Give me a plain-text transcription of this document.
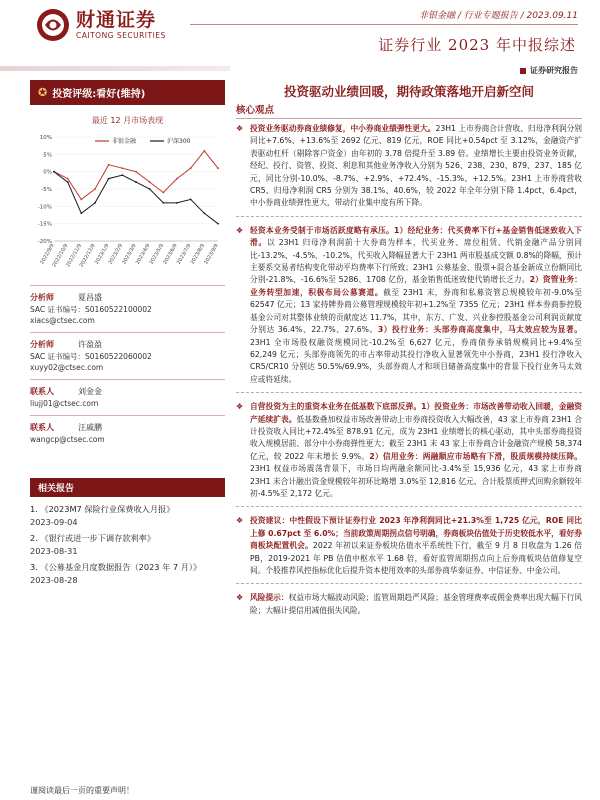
财通证券
CAITONG SECURITIES
非银金融 / 行业专题报告 / 2023.09.11
证券行业 2023 年中报综述
证券研究报告
✪ 投资评级:看好(维持)
最近 12 月市场表现
10%
5%
0%
-5%
-10%
-15%
-20%
2022/9/9
2022/10/9
2022/11/9
2022/12/9
2023/1/9
2023/2/9
2023/3/9
2023/4/9
2023/5/9
2023/6/9
2023/7/9
2023/8/9
2023/9/9
非银金融	沪深300
分析师	夏昌盛
SAC 证书编号：S0160522100002
xiacs@ctsec.com
分析师	许盈盈
SAC 证书编号：S0160522060002
xuyy02@ctsec.com
联系人	刘金金
liujj01@ctsec.com
联系人	汪戚鹏
wangcp@ctsec.com
相关报告
1. 《2023M7 保险行业保费收入月报》
2023-09-04
2. 《银行或进一步下调存款利率》
2023-08-31
3. 《公募基金月度数据报告（2023 年 7 月）》
2023-08-28
投资驱动业绩回暖，期待政策落地开启新空间
核心观点
❖ 投资业务驱动券商业绩修复，中小券商业绩弹性更大。23H1 上市券商合计营收、归母净利润分别同比+7.6%、+13.6%至 2692 亿元、819 亿元，ROE 同比+0.54pct 至 3.12%，金融资产扩表驱动杠杆（剔除客户资金）由年初的 3.78 倍提升至 3.89 倍。业绩增长主要由投资业务贡献，经纪、投行、资管、投资、利息和其他业务净收入分别为 526、238、230、879、237、185 亿元，同比分别-10.0%、-8.7%、+2.9%、+72.4%、-15.3%、+12.5%。23H1 上市券商营收 CR5、归母净利润 CR5 分别为 38.1%、40.6%，较 2022 年全年分别下降 1.4pct、6.4pct，中小券商业绩弹性更大，带动行业集中度有所下降。
❖ 轻资本业务受制于市场活跃度略有承压。1）经纪业务：代买费率下行+基金销售低迷致收入下滑。以 23H1 归母净利润前十大券商为样本，代买业务、席位租赁、代销金融产品分别同比-13.2%、-4.5%、-10.2%，代买收入降幅显著大于 23H1 两市股基成交额 0.8%的降幅，预计主要系交易者结构变化带动平均费率下行所致；23H1 公募基金、股票+混合基金新成立份额同比分别-21.8%、-16.6%至 5286、1708 亿份，基金销售低迷致使代销增长乏力。2）资管业务：业务转型加速，积极布局公募赛道。截至 23H1 末，券商和私募资管总规模较年初-9.0%至 62547 亿元；13 家持牌券商公募管理规模较年初+1.2%至 7355 亿元；23H1 样本券商参控股基金公司对其整体业绩的贡献度达 11.7%，其中，东方、广发、兴业参控股基金公司利润贡献度分别达 36.4%、22.7%、27.6%。3）投行业务：头部券商高度集中，马太效应较为显著。23H1 全市场股权融资规模同比-10.2%至 6,627 亿元，券商债券承销规模同比+9.4%至 62,249 亿元；头部券商领先的市占率带动其投行净收入显著领先中小券商，23H1 投行净收入 CR5/CR10 分别达 50.5%/69.9%，头部券商人才和项目储备高度集中的背景下投行业务马太效应或将延续。
❖ 自营投资为主的重资本业务在低基数下底部反弹。1）投资业务：市场改善带动收入回暖，金融资产延续扩表。低基数叠加权益市场改善带动上市券商投资收入大幅改善，43 家上市券商 23H1 合计投资收入同比+72.4%至 878.91 亿元，成为 23H1 业绩增长的核心驱动，其中头部券商投资收入规模居前、部分中小券商弹性更大；截至 23H1 末 43 家上市券商合计金融资产规模 58,374 亿元，较 2022 年末增长 9.9%。2）信用业务：两融顺应市场略有下滑，股质规模持续压降。23H1 权益市场震荡背景下，市场日均两融余额同比-3.4%至 15,936 亿元，43 家上市券商 23H1 末合计融出资金规模较年初环比略增 3.0%至 12,816 亿元、合计股票质押式回购余额较年初-4.5%至 2,172 亿元。
❖ 投资建议：中性假设下预计证券行业 2023 年净利润同比+21.3%至 1,725 亿元，ROE 同比上修 0.67pct 至 6.0%；当前政策周期拐点信号明确，券商板块估值处于历史较低水平，看好券商板块配置机会。2022 年初以来证券板块估值水平系统性下行，截至 9 月 8 日收盘为 1.26 倍 PB，2019-2021 年 PB 估值中枢水平 1.68 倍，看好监管周期拐点向上后券商板块估值修复空间。个股推荐风控指标优化后提升资本使用效率的头部券商华泰证券、中信证券、中金公司。
❖ 风险提示：权益市场大幅波动风险；监管周期趋严风险；基金管理费率或佣金费率出现大幅下行风险；大幅计提信用减值损失风险。
谨阅读最后一页的重要声明！
